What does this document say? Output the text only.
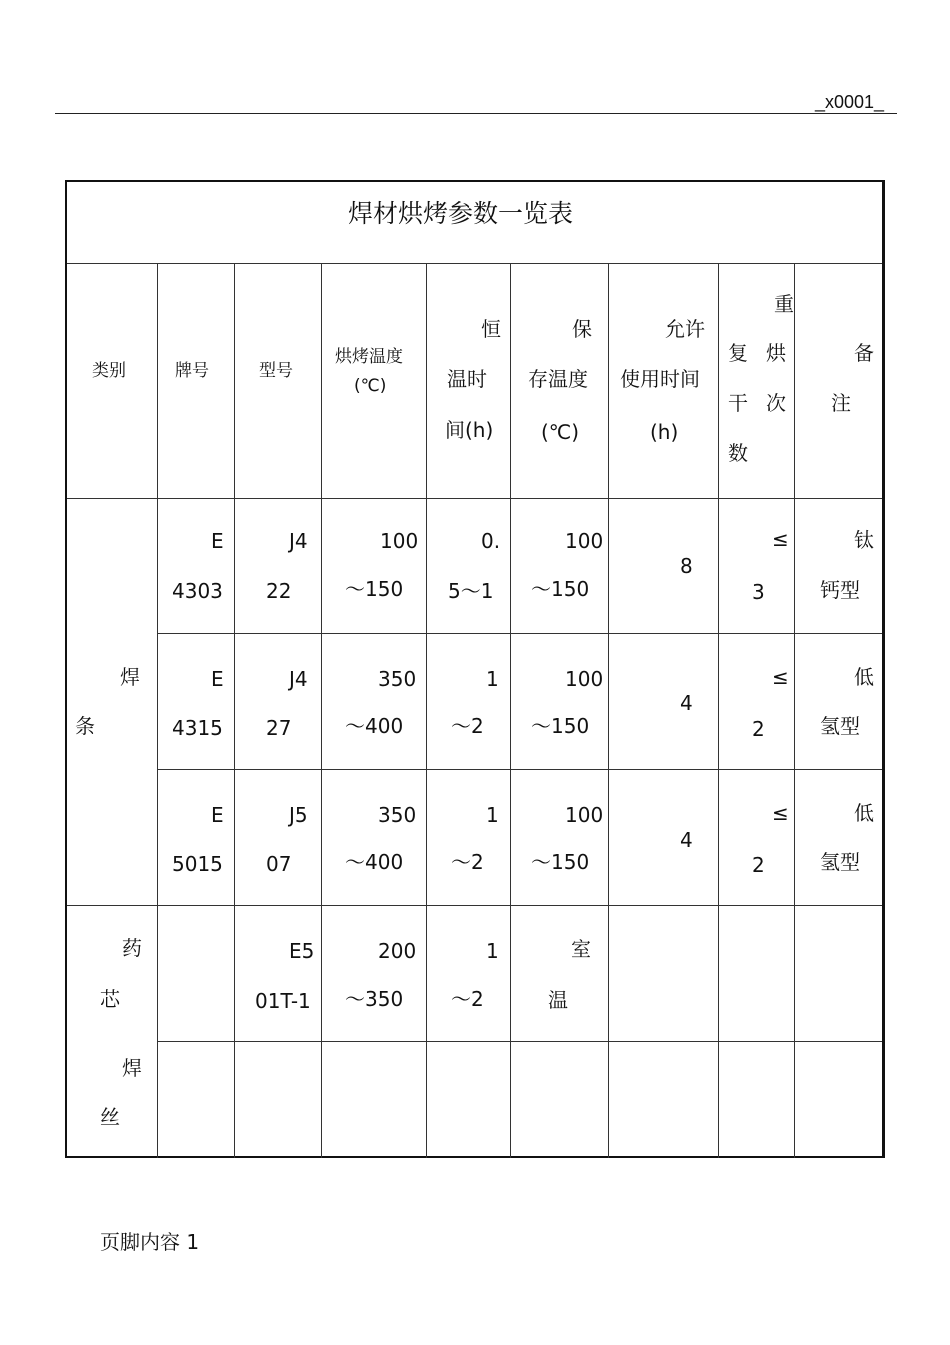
_x0001_
焊材烘烤参数一览表
类别	牌号	型号
烘烤温度
(℃)
恒
温时
间(h)
保
存温度
(℃)
允许
使用时间
(h)
重
复 烘
干 次
数
备
注
焊
条
E
4303
J4
22
100
～150
0.
5～1
100
～150
8
≤
3
钛
钙型
E
4315
J4
27
350
～400
1
～2
100
～150
4
≤
2
低
氢型
E
5015
J5
07
350
～400
1
～2
100
～150
4
≤
2
低
氢型
药
芯
焊
丝
E5
01T-1
200
～350
1
～2
室
温
页脚内容 1
